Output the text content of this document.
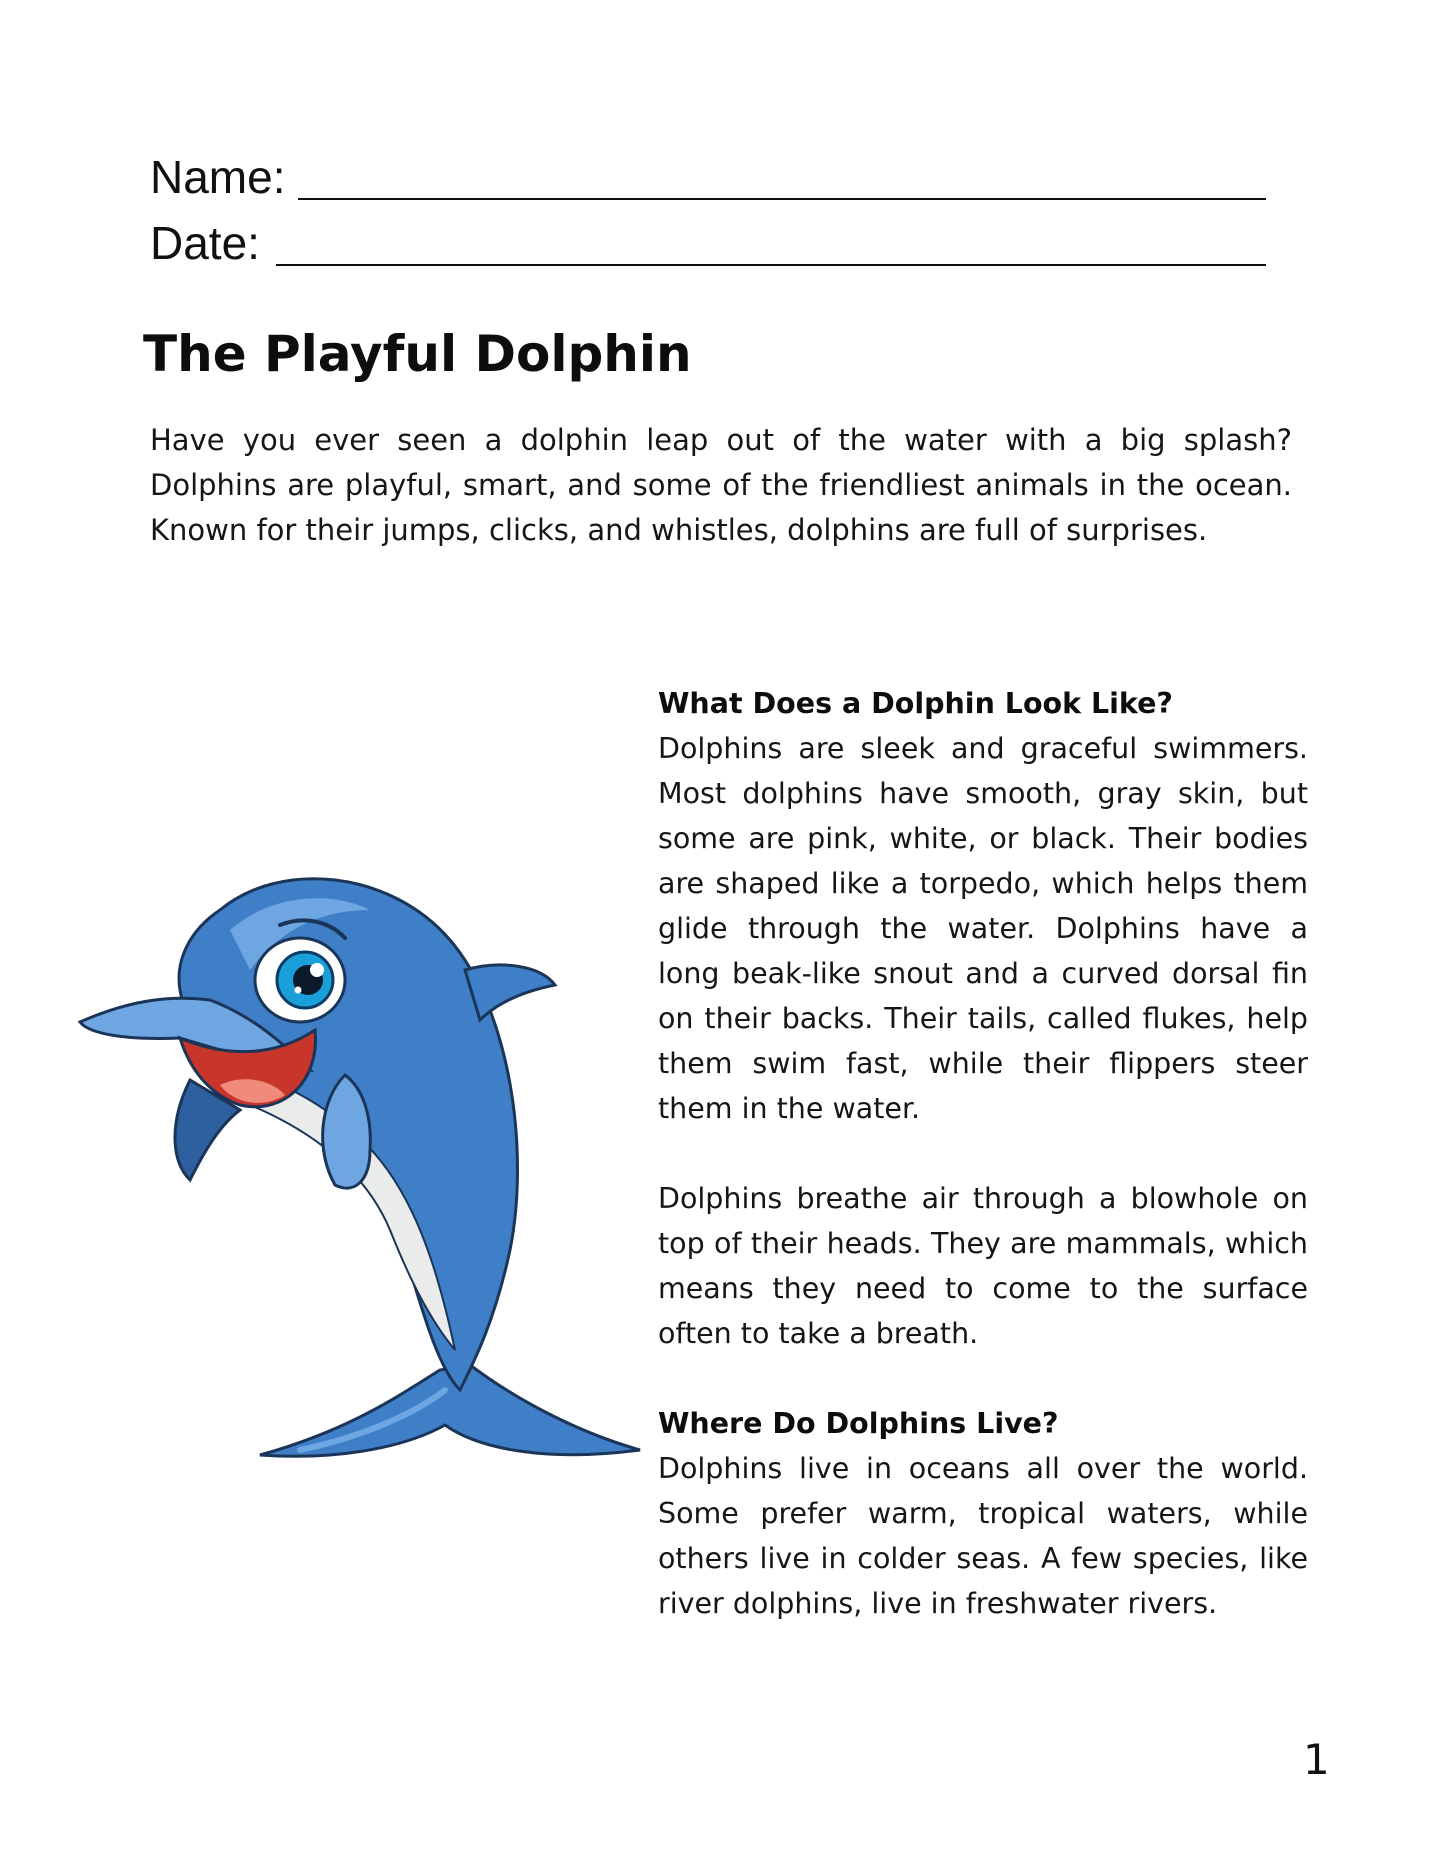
Name:
Date:
The Playful Dolphin

Have you ever seen a dolphin leap out of the water with a big splash? Dolphins are playful, smart, and some of the friendliest animals in the ocean. Known for their jumps, clicks, and whistles, dolphins are full of surprises.

What Does a Dolphin Look Like?

Dolphins are sleek and graceful swimmers. Most dolphins have smooth, gray skin, but some are pink, white, or black. Their bodies are shaped like a torpedo, which helps them glide through the water. Dolphins have a long beak-like snout and a curved dorsal fin on their backs. Their tails, called flukes, help them swim fast, while their flippers steer them in the water.

Dolphins breathe air through a blowhole on top of their heads. They are mammals, which means they need to come to the surface often to take a breath.

Where Do Dolphins Live?

Dolphins live in oceans all over the world. Some prefer warm, tropical waters, while others live in colder seas. A few species, like river dolphins, live in freshwater rivers.

1
